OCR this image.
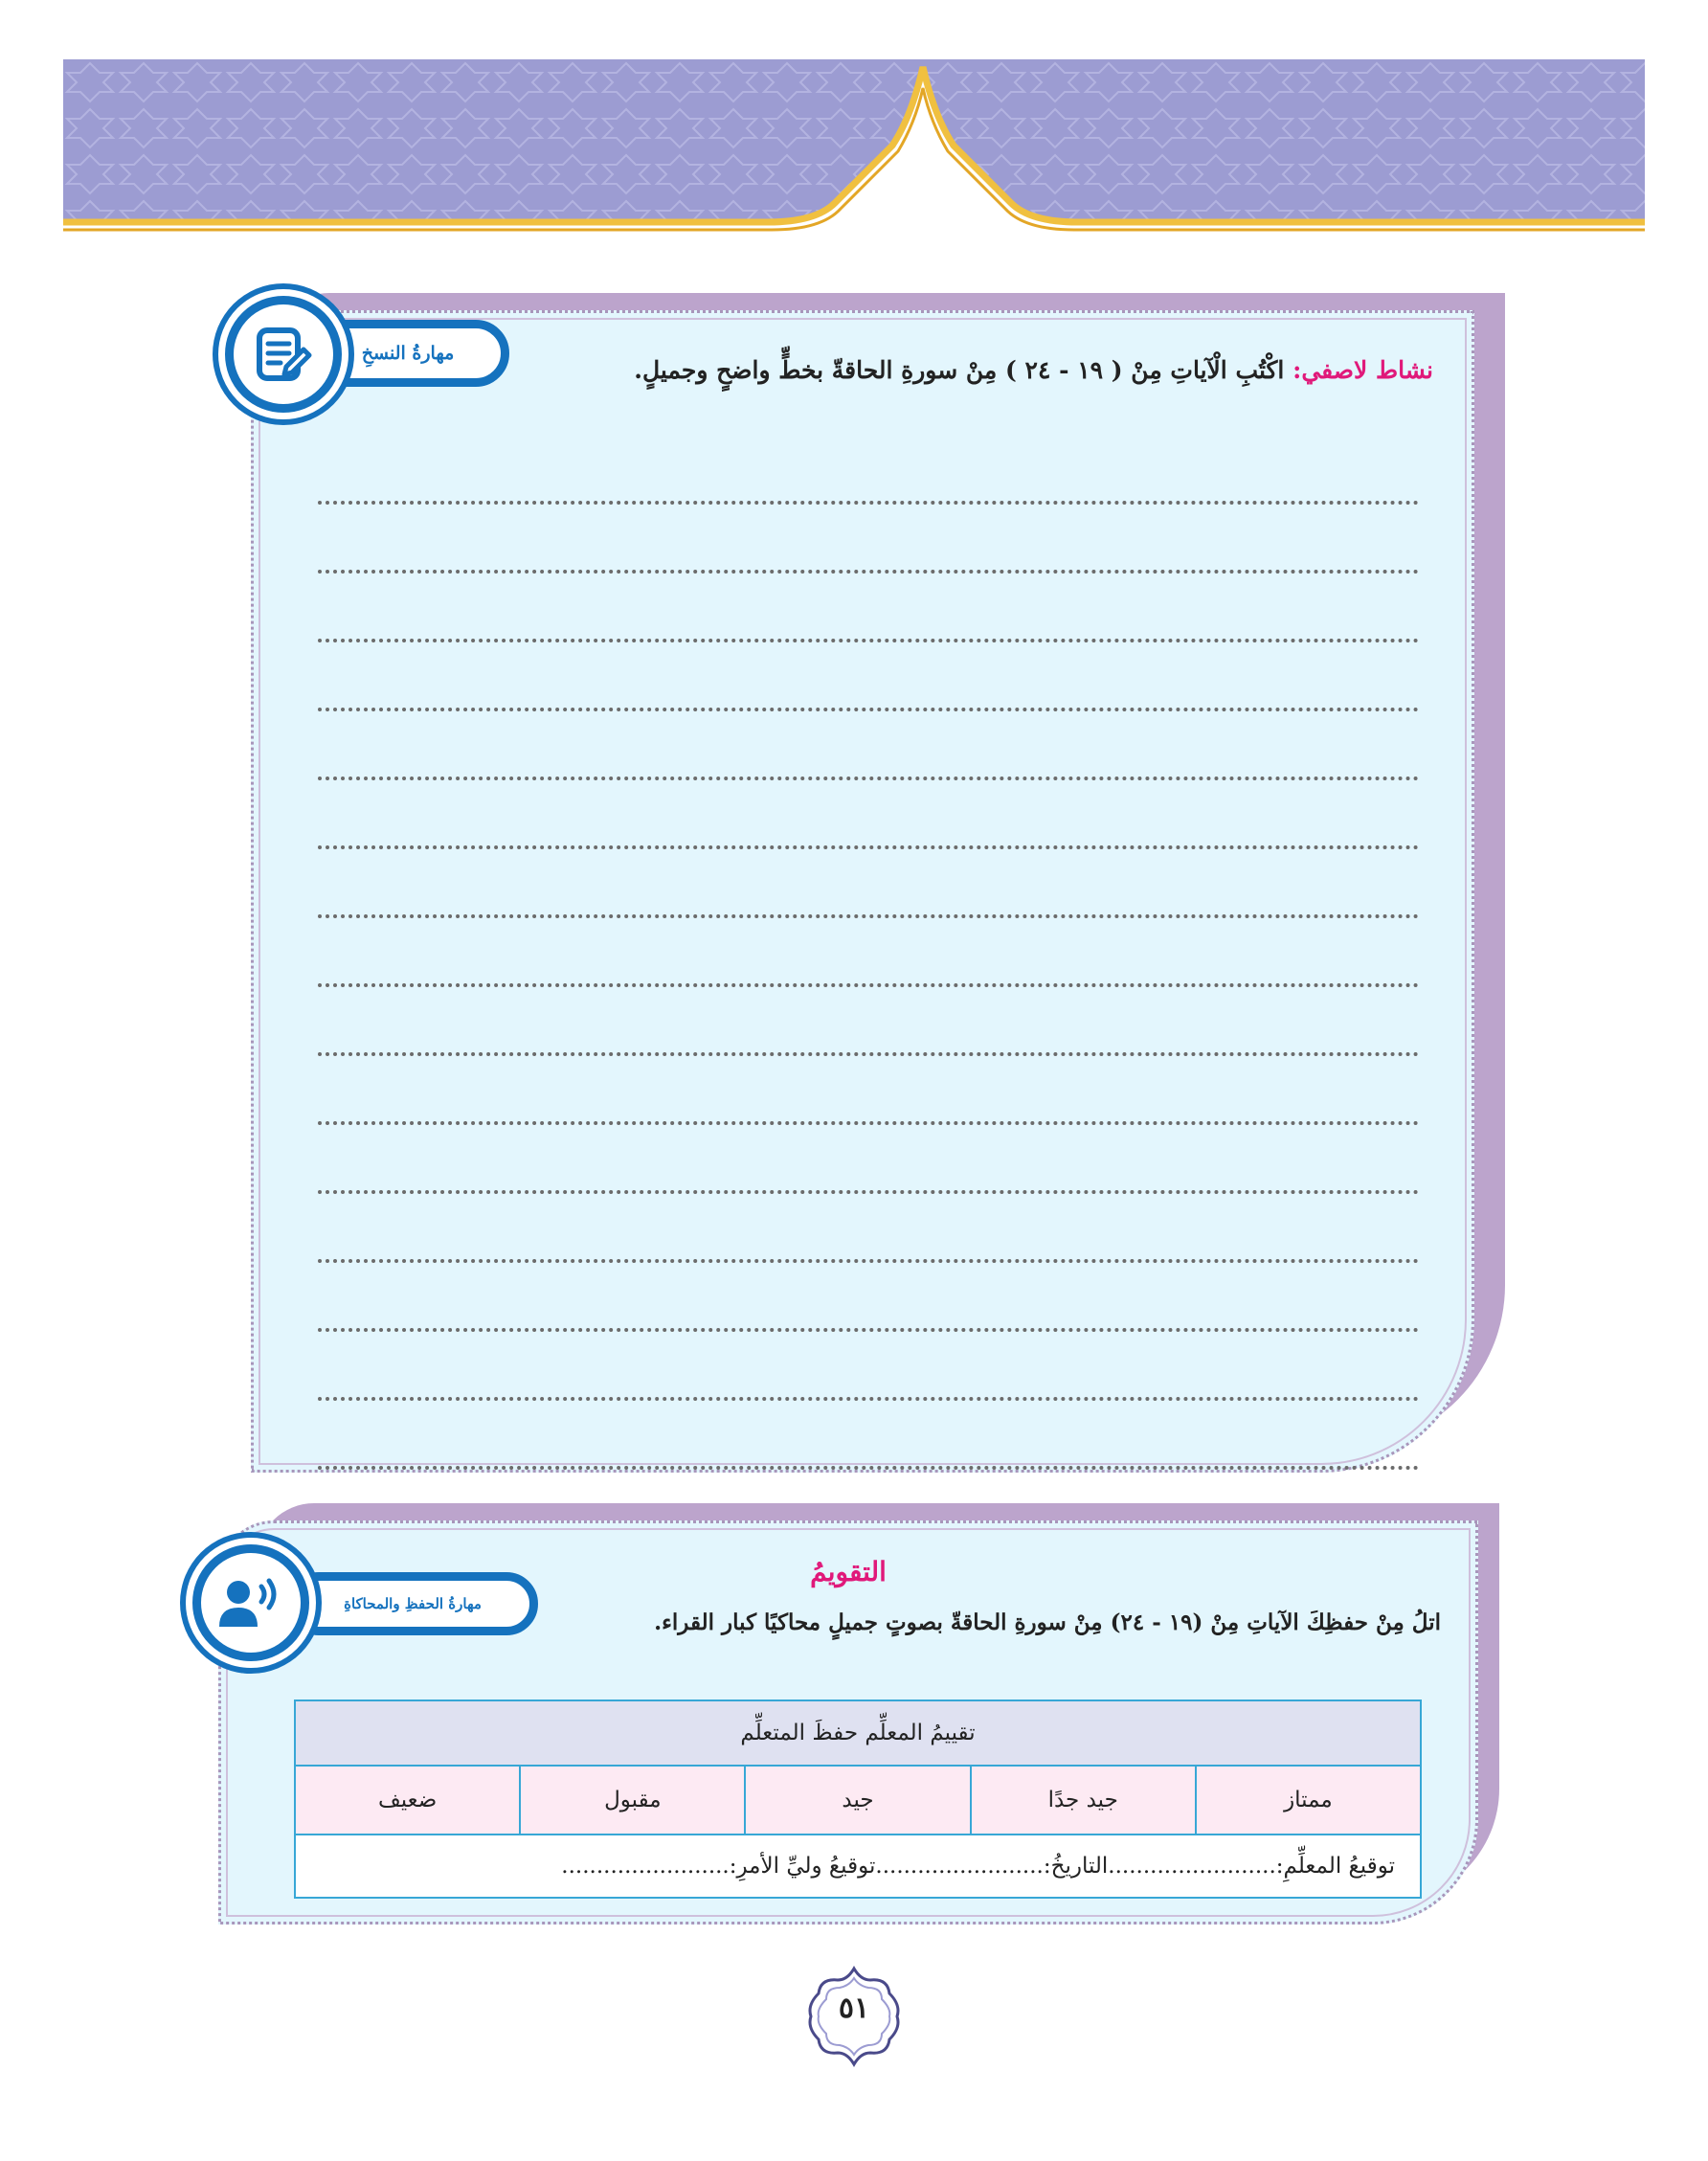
نشاط لاصفي: اكْتُبِ الْآياتِ مِنْ ( ١٩ - ٢٤ ) مِنْ سورةِ الحاقةّ بخطٍّ واضحٍ وجميلٍ.
مهارةُ النسخِ
التقويمُ
اتلُ مِنْ حفظِكَ الآياتِ مِنْ (١٩ - ٢٤) مِنْ سورةِ الحاقةّ بصوتٍ جميلٍ محاكيًا كبار القراء.
تقييمُ المعلِّم حفظَ المتعلِّم
ممتاز	جيد جدًا	جيد	مقبول	ضعيف
توقيعُ المعلِّمِ:........................التاريخُ:........................توقيعُ وليِّ الأمرِ:........................
مهارةُ الحفظِ والمحاكاةِ
٥١
